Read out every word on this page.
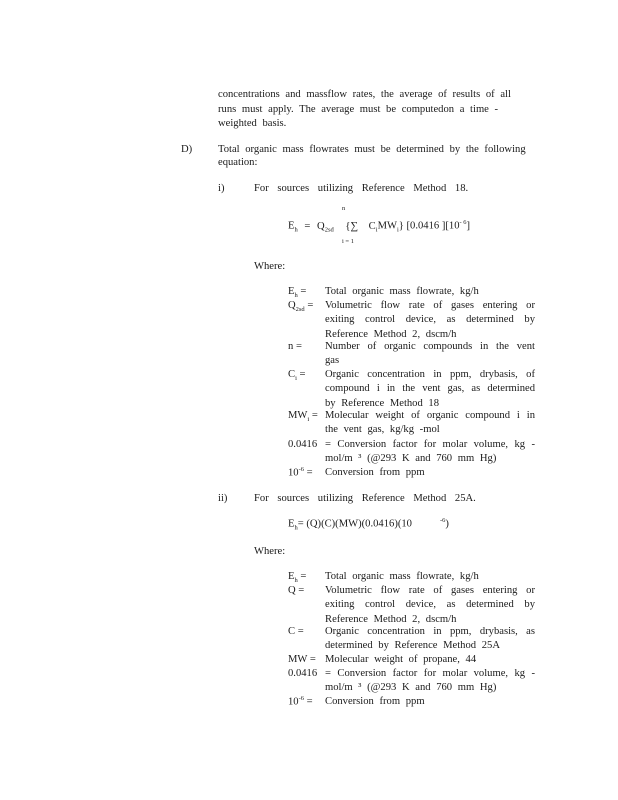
concentrations and massflow rates, the average of results of all
runs must apply. The average must be computedon a time -
weighted basis.
D) Total organic mass flowrates must be determined by the following
equation:
i)	For sources utilizing Reference Method 18.
n
$E_h = Q_{2sd}$ {∑ $C_iMW_i$} [0.0416 ]$[10^{- 6}]$
i = 1
Where:
$E_h$ = Total organic mass flowrate, kg/h
$Q_{2sd}$ = Volumetric flow rate of gases entering or exiting control device, as determined by Reference Method 2, dscm/h
n = Number of organic compounds in the vent gas
$C_i$ = Organic concentration in ppm, drybasis, of compound i in the vent gas, as determined by Reference Method 18
$MW_i$ = Molecular weight of organic compound i in the vent gas, kg/kg -mol
0.0416 = Conversion factor for molar volume, kg - mol/m ³ (@293 K and 760 mm Hg)
$10^{-6}$ = Conversion from ppm
ii)	For sources utilizing Reference Method 25A.
$E_h= (Q)(C)(MW)(0.0416)(10$	$^{-6}$)
Where:
$E_h$ = Total organic mass flowrate, kg/h
Q = Volumetric flow rate of gases entering or exiting control device, as determined by Reference Method 2, dscm/h
C = Organic concentration in ppm, drybasis, as determined by Reference Method 25A
MW = Molecular weight of propane, 44
0.0416 = Conversion factor for molar volume, kg - mol/m ³ (@293 K and 760 mm Hg)
$10^{-6}$ = Conversion from ppm
